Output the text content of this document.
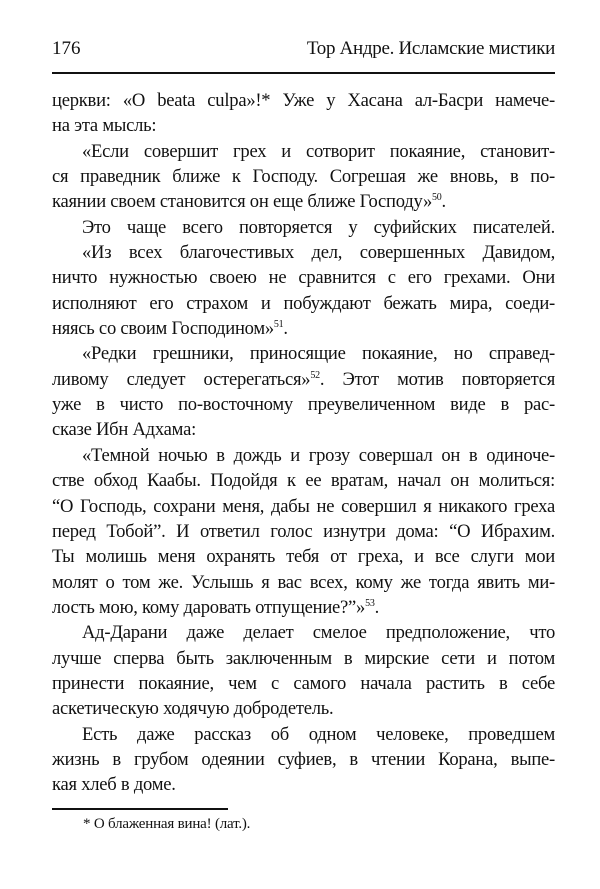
176	Тор Андре. Исламские мистики
церкви: «O beata culpa»!* Уже у Хасана ал-Басри намече-
на эта мысль:
«Если совершит грех и сотворит покаяние, становит-
ся праведник ближе к Господу. Согрешая же вновь, в по-
каянии своем становится он еще ближе Господу»$^{50}$.
Это чаще всего повторяется у суфийских писателей.
«Из всех благочестивых дел, совершенных Давидом,
ничто нужностью своею не сравнится с его грехами. Они
исполняют его страхом и побуждают бежать мира, соеди-
няясь со своим Господином»$^{51}$.
«Редки грешники, приносящие покаяние, но справед-
ливому следует остерегаться»$^{52}$. Этот мотив повторяется
уже в чисто по-восточному преувеличенном виде в рас-
сказе Ибн Адхама:
«Темной ночью в дождь и грозу совершал он в одиноче-
стве обход Каабы. Подойдя к ее вратам, начал он молиться:
“О Господь, сохрани меня, дабы не совершил я никакого греха
перед Тобой”. И ответил голос изнутри дома: “О Ибрахим.
Ты молишь меня охранять тебя от греха, и все слуги мои
молят о том же. Услышь я вас всех, кому же тогда явить ми-
лость мою, кому даровать отпущение?”»$^{53}$.
Ад-Дарани даже делает смелое предположение, что
лучше сперва быть заключенным в мирские сети и потом
принести покаяние, чем с самого начала растить в себе
аскетическую ходячую добродетель.
Есть даже рассказ об одном человеке, проведшем
жизнь в грубом одеянии суфиев, в чтении Корана, выпе-
кая хлеб в доме.
* О блаженная вина! (лат.).
